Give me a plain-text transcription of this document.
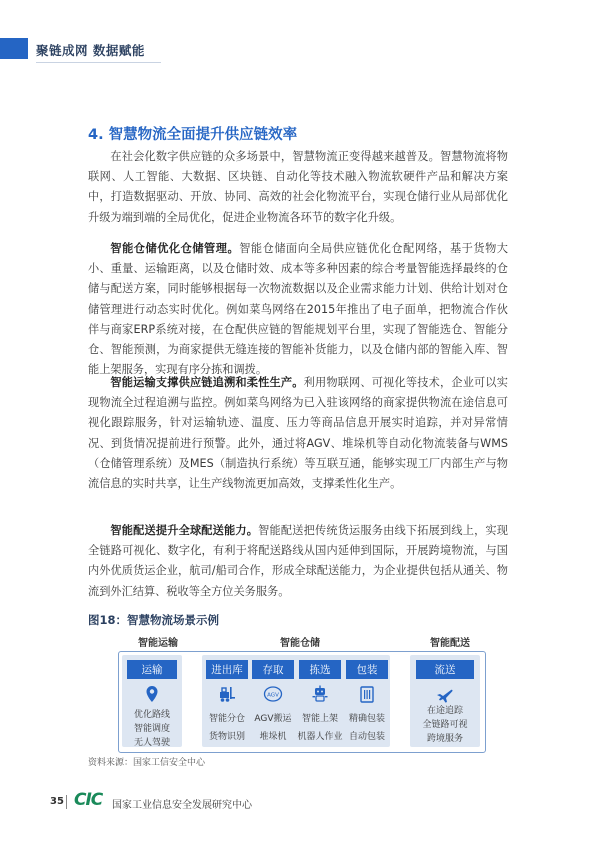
聚链成网 数据赋能
4. 智慧物流全面提升供应链效率

在社会化数字供应链的众多场景中，智慧物流正变得越来越普及。智慧物流将物联网、人工智能、大数据、区块链、自动化等技术融入物流软硬件产品和解决方案中，打造数据驱动、开放、协同、高效的社会化物流平台，实现仓储行业从局部优化升级为端到端的全局优化，促进企业物流各环节的数字化升级。

智能仓储优化仓储管理。智能仓储面向全局供应链优化仓配网络，基于货物大小、重量、运输距离，以及仓储时效、成本等多种因素的综合考量智能选择最终的仓储与配送方案，同时能够根据每一次物流数据以及企业需求能力计划、供给计划对仓储管理进行动态实时优化。例如菜鸟网络在2015年推出了电子面单，把物流合作伙伴与商家ERP系统对接，在仓配供应链的智能规划平台里，实现了智能选仓、智能分仓、智能预测，为商家提供无缝连接的智能补货能力，以及仓储内部的智能入库、智能上架服务，实现有序分拣和调拨。

智能运输支撑供应链追溯和柔性生产。利用物联网、可视化等技术，企业可以实现物流全过程追溯与监控。例如菜鸟网络为已入驻该网络的商家提供物流在途信息可视化跟踪服务，针对运输轨迹、温度、压力等商品信息开展实时追踪，并对异常情况、到货情况提前进行预警。此外，通过将AGV、堆垛机等自动化物流装备与WMS（仓储管理系统）及MES（制造执行系统）等互联互通，能够实现工厂内部生产与物流信息的实时共享，让生产线物流更加高效，支撑柔性化生产。

智能配送提升全球配送能力。智能配送把传统货运服务由线下拓展到线上，实现全链路可视化、数字化，有利于将配送路线从国内延伸到国际，开展跨境物流，与国内外优质货运企业，航司/船司合作，形成全球配送能力，为企业提供包括从通关、物流到外汇结算、税收等全方位关务服务。

图18：智慧物流场景示例
智能运输	智能仓储	智能配送
运输	进出库	存取	拣选	包装	流送
AGV
优化路线
智能调度
无人驾驶
智能分仓
货物识别
AGV搬运
堆垛机
智能上架
机器人作业
精确包装
自动包装
在途追踪
全链路可视
跨境服务
资料来源：国家工信安全中心
35 CIC 国家工业信息安全发展研究中心
